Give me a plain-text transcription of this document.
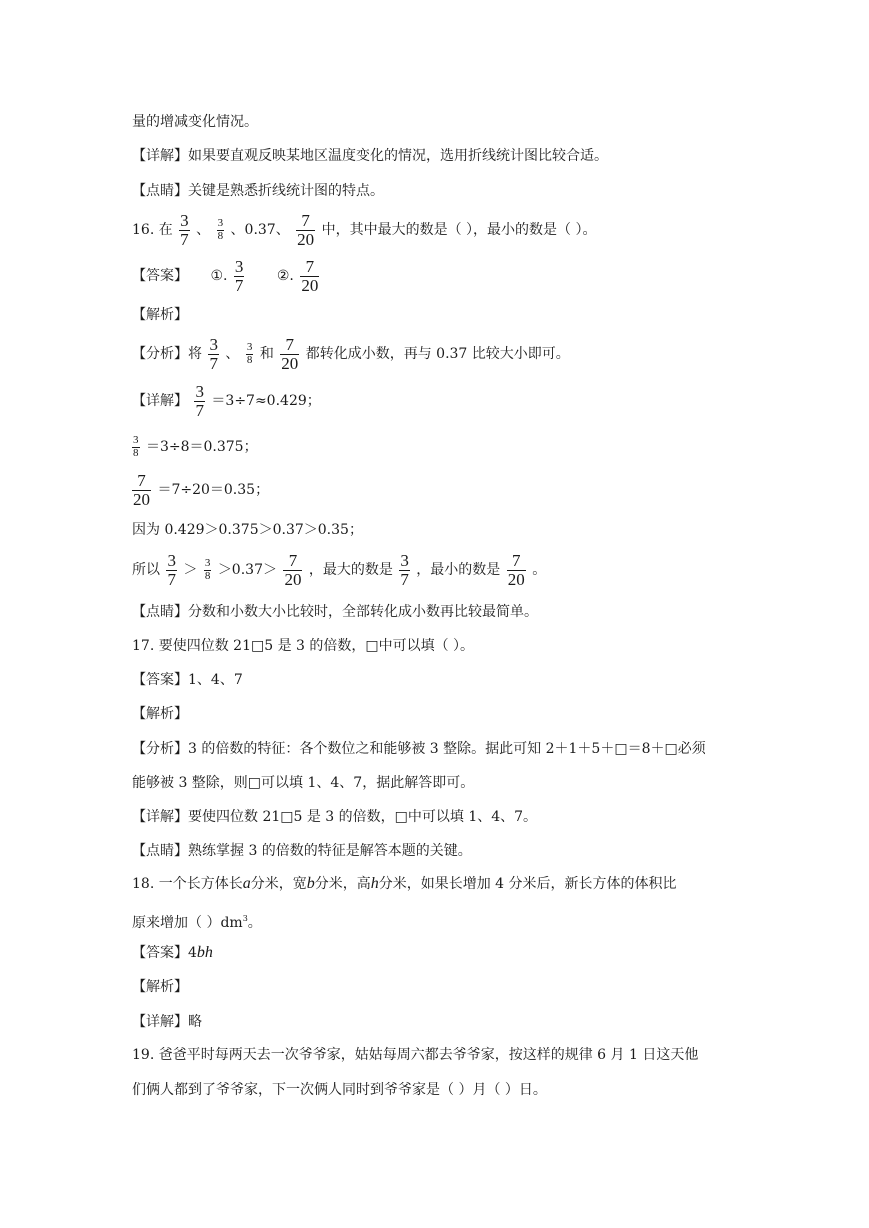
量的增减变化情况。
【详解】如果要直观反映某地区温度变化的情况，选用折线统计图比较合适。
【点睛】关键是熟悉折线统计图的特点。
16. 在 $\frac{3}{7}$ 、 $\frac{3}{8}$ 、0.37、 $\frac{7}{20}$ 中，其中最大的数是（ ），最小的数是（ ）。
【答案】 ①. $\frac{3}{7}$ ②. $\frac{7}{20}$
【解析】
【分析】将 $\frac{3}{7}$ 、 $\frac{3}{8}$ 和 $\frac{7}{20}$ 都转化成小数，再与 0.37 比较大小即可。
【详解】 $\frac{3}{7} =3\div 7\approx 0.429$；
$\frac{3}{8} =3\div 8=0.375$；
$\frac{7}{20} =7\div 20=0.35$；
因为 0.429＞0.375＞0.37＞0.35；
所以 $\frac{3}{7} > \frac{3}{8} >0.37> \frac{7}{20}$ ，最大的数是 $\frac{3}{7}$ ，最小的数是 $\frac{7}{20}$ 。
【点睛】分数和小数大小比较时，全部转化成小数再比较最简单。
17. 要使四位数 21□5 是 3 的倍数，□中可以填（ ）。
【答案】1、4、7
【解析】
【分析】3 的倍数的特征：各个数位之和能够被 3 整除。据此可知 2＋1＋5＋□＝8＋□必须
能够被 3 整除，则□可以填 1、4、7，据此解答即可。
【详解】要使四位数 21□5 是 3 的倍数，□中可以填 1、4、7。
【点睛】熟练掌握 3 的倍数的特征是解答本题的关键。
18. 一个长方体长a分米，宽b分米，高h分米，如果长增加 4 分米后，新长方体的体积比
原来增加（ ）$dm^3$。
【答案】4bh
【解析】
【详解】略
19. 爸爸平时每两天去一次爷爷家，姑姑每周六都去爷爷家，按这样的规律 6 月 1 日这天他
们俩人都到了爷爷家，下一次俩人同时到爷爷家是（ ）月（ ）日。
